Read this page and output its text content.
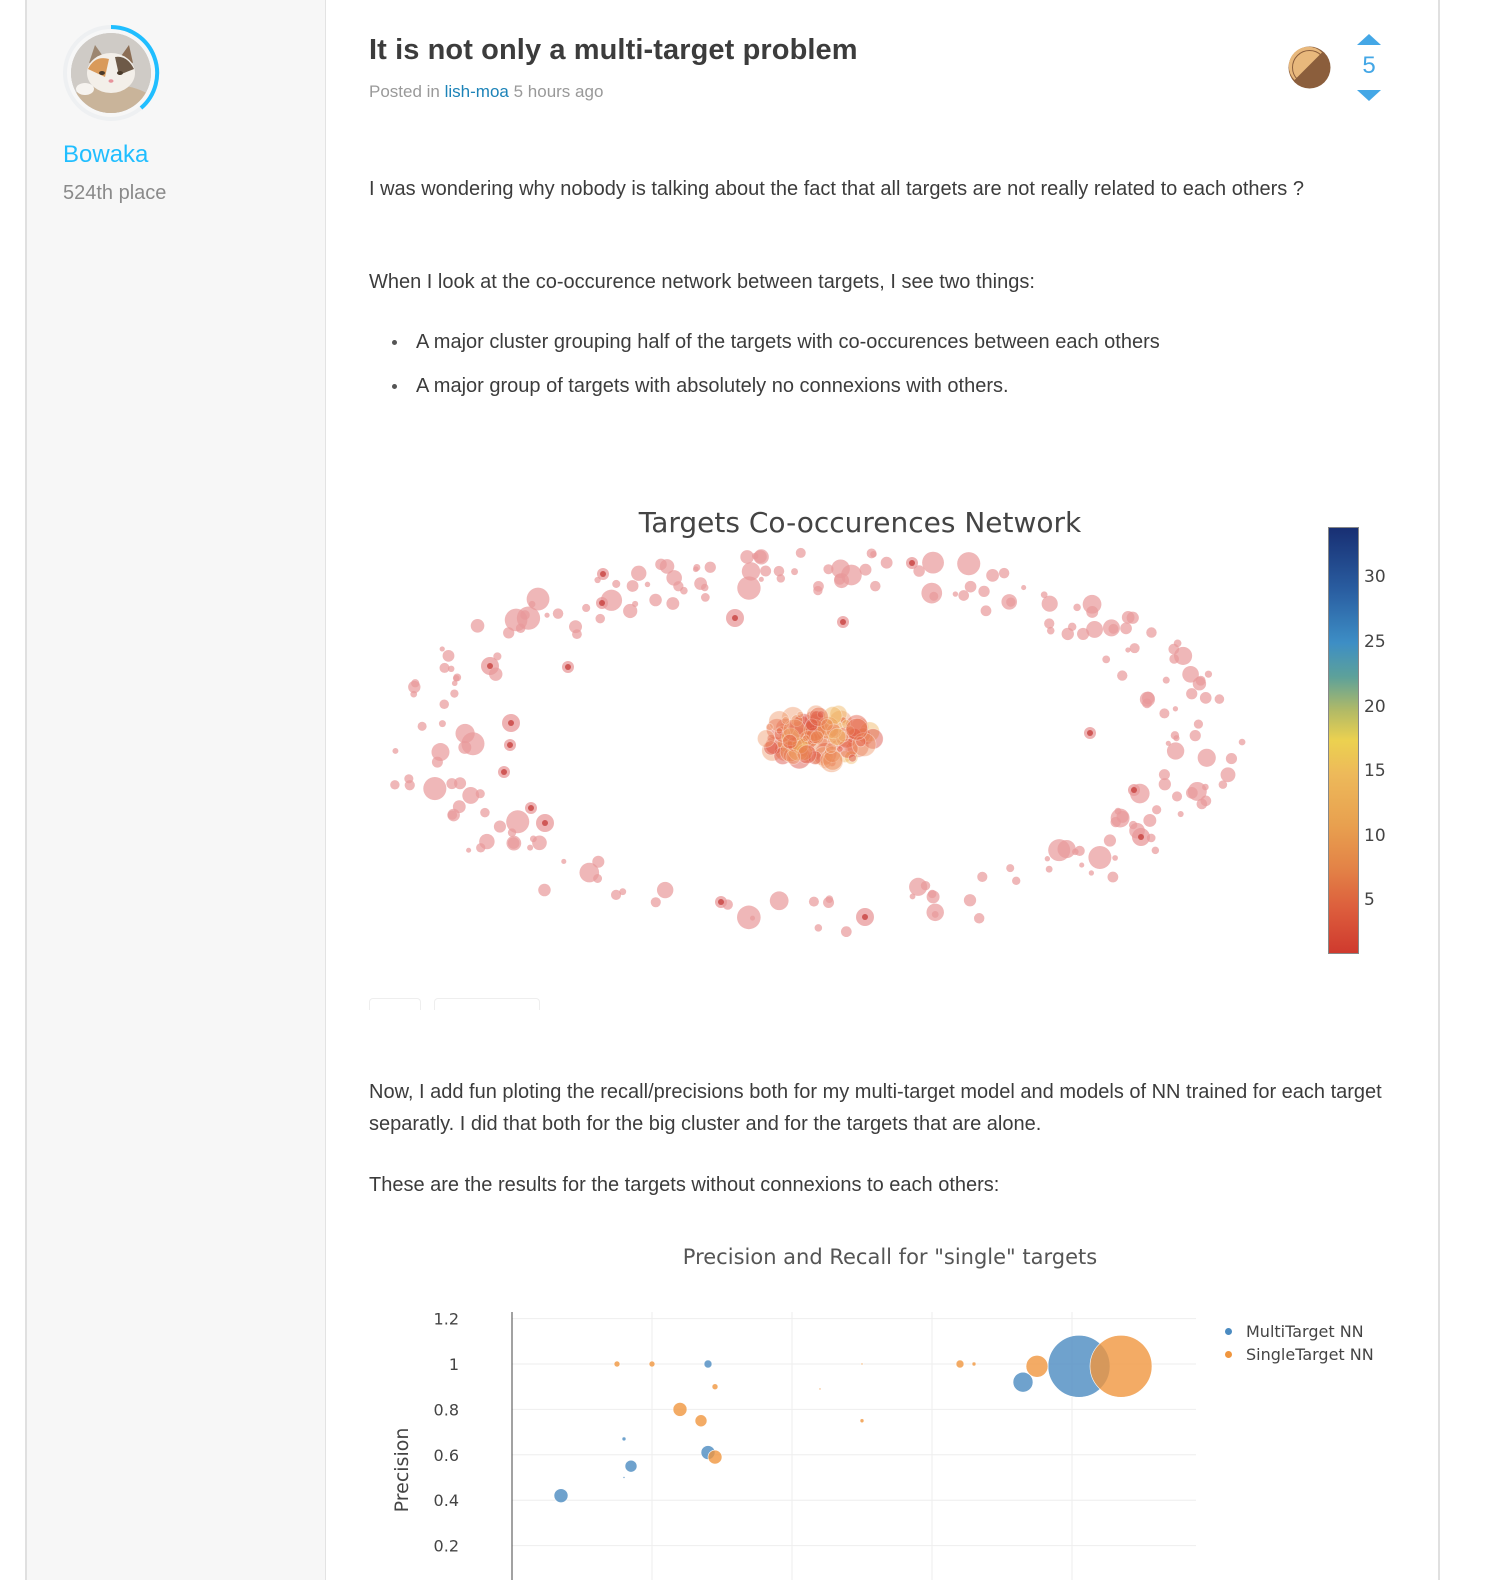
Bowaka
524th place
It is not only a multi-target problem
Posted in lish-moa 5 hours ago
5

I was wondering why nobody is talking about the fact that all targets are not really related to each others ?

When I look at the co-occurence network between targets, I see two things:

A major cluster grouping half of the targets with co-occurences between each others
A major group of targets with absolutely no connexions with others.
Targets Co-occurences Network
30
25
20
15
10
5

Now, I add fun ploting the recall/precisions both for my multi-target model and models of NN trained for each target separatly. I did that both for the big cluster and for the targets that are alone.

These are the results for the targets without connexions to each others:

Precision and Recall for "single" targets
1.2
1
0.8
0.6
0.4
0.2
Precision
MultiTarget NN
SingleTarget NN
